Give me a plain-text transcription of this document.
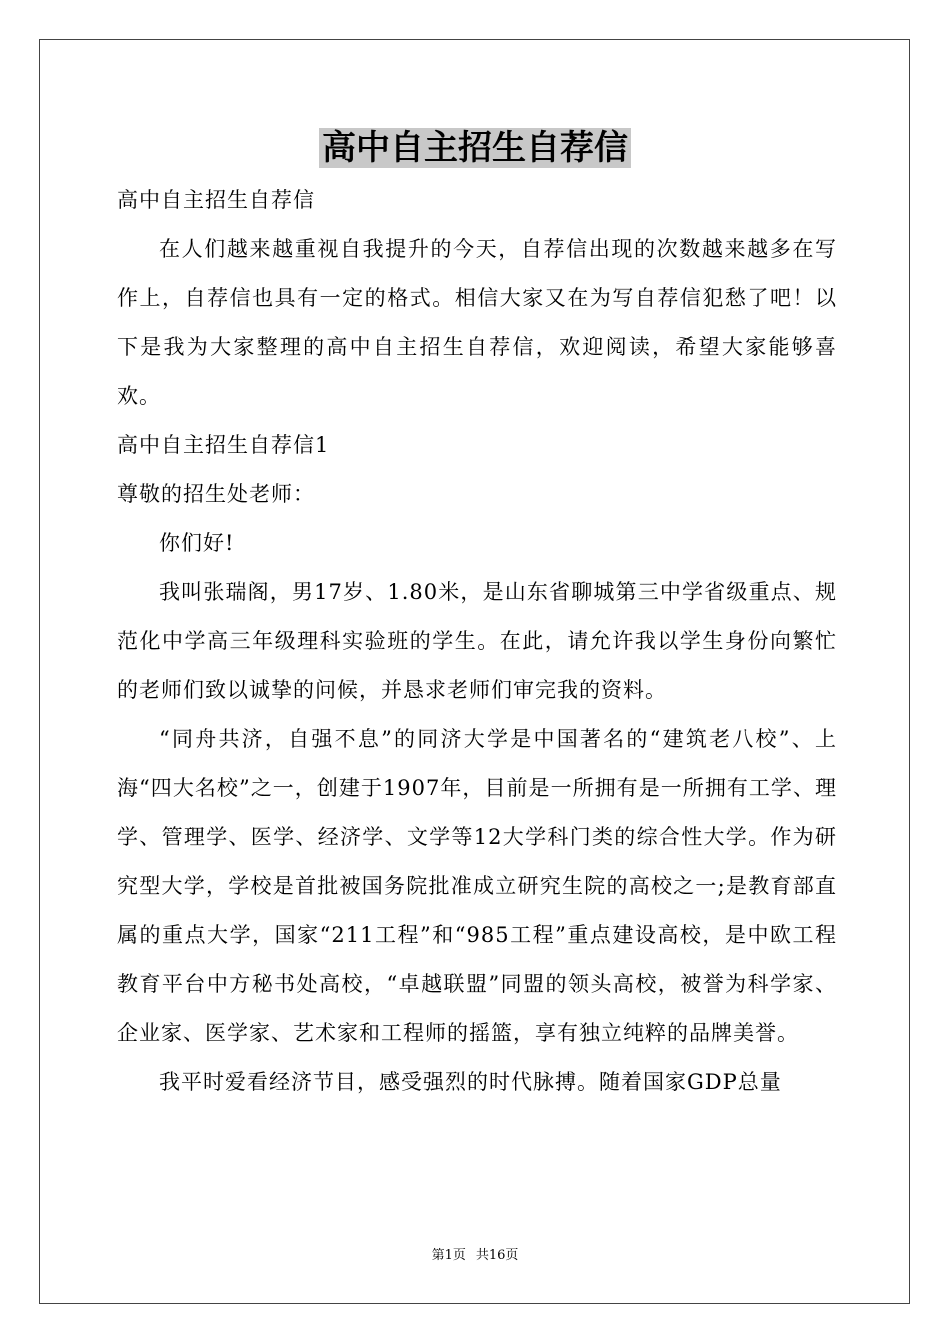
高中自主招生自荐信

高中自主招生自荐信

在人们越来越重视自我提升的今天，自荐信出现的次数越来越多在写作上，自荐信也具有一定的格式。相信大家又在为写自荐信犯愁了吧！以下是我为大家整理的高中自主招生自荐信，欢迎阅读，希望大家能够喜欢。

高中自主招生自荐信1

尊敬的招生处老师：

你们好!

我叫张瑞阁，男17岁、1.80米，是山东省聊城第三中学省级重点、规范化中学高三年级理科实验班的学生。在此，请允许我以学生身份向繁忙的老师们致以诚挚的问候，并恳求老师们审完我的资料。

“同舟共济，自强不息”的同济大学是中国著名的“建筑老八校”、上海“四大名校”之一，创建于1907年，目前是一所拥有是一所拥有工学、理学、管理学、医学、经济学、文学等12大学科门类的综合性大学。作为研究型大学，学校是首批被国务院批准成立研究生院的高校之一;是教育部直属的重点大学，国家“211工程”和“985工程”重点建设高校，是中欧工程教育平台中方秘书处高校，“卓越联盟”同盟的领头高校，被誉为科学家、企业家、医学家、艺术家和工程师的摇篮，享有独立纯粹的品牌美誉。

我平时爱看经济节目，感受强烈的时代脉搏。随着国家GDP总量

第1页 共16页
